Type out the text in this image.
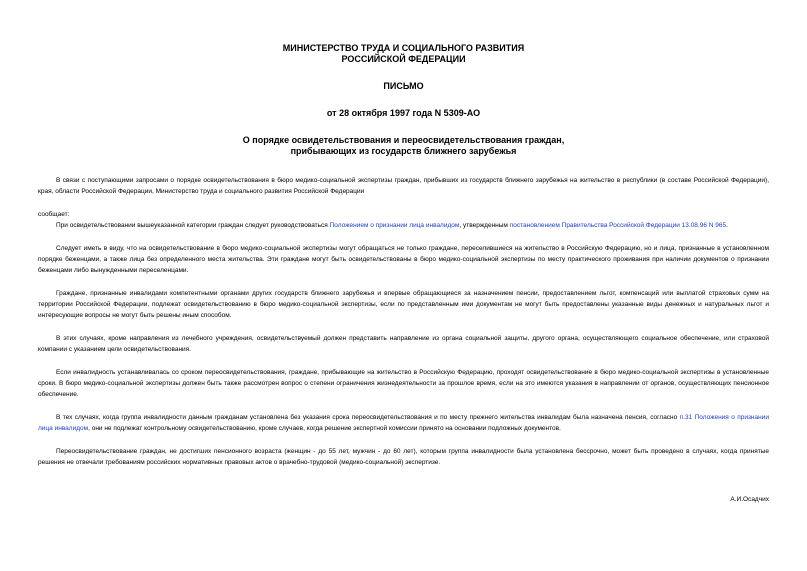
МИНИСТЕРСТВО ТРУДА И СОЦИАЛЬНОГО РАЗВИТИЯ
РОССИЙСКОЙ ФЕДЕРАЦИИ
ПИСЬМО
от 28 октября 1997 года N 5309-АО
О порядке освидетельствования и переосвидетельствования граждан,
прибывающих из государств ближнего зарубежья

В связи с поступающими запросами о порядке освидетельствования в бюро медико-социальной экспертизы граждан, прибывших из государств ближнего зарубежья на жительство в республики (в составе Российской Федерации), края, области Российской Федерации, Министерство труда и социального развития Российской Федерации

сообщает:

При освидетельствовании вышеуказанной категории граждан следует руководствоваться Положением о признании лица инвалидом, утвержденным постановлением Правительства Российской Федерации 13.08.96 N 965.

Следует иметь в виду, что на освидетельствование в бюро медико-социальной экспертизы могут обращаться не только граждане, переселившиеся на жительство в Российскую Федерацию, но и лица, признанные в установленном порядке беженцами, а также лица без определенного места жительства. Эти граждане могут быть освидетельствованы в бюро медико-социальной экспертизы по месту практического проживания при наличии документов о признании беженцами либо вынужденными переселенцами.

Граждане, признанные инвалидами компетентными органами других государств ближнего зарубежья и впервые обращающиеся за назначением пенсии, предоставлением льгот, компенсаций или выплатой страховых сумм на территории Российской Федерации, подлежат освидетельствованию в бюро медико-социальной экспертизы, если по представленным ими документам не могут быть предоставлены указанные виды денежных и натуральных льгот и интересующие вопросы не могут быть решены иным способом.

В этих случаях, кроме направления из лечебного учреждения, освидетельствуемый должен представить направление из органа социальной защиты, другого органа, осуществляющего социальное обеспечение, или страховой компании с указанием цели освидетельствования.

Если инвалидность устанавливалась со сроком переосвидетельствования, граждане, прибывающие на жительство в Российскую Федерацию, проходят освидетельствование в бюро медико-социальной экспертизы в установленные сроки. В бюро медико-социальной экспертизы должен быть также рассмотрен вопрос о степени ограничения жизнедеятельности за прошлое время, если на это имеются указания в направлении от органов, осуществляющих пенсионное обеспечение.

В тех случаях, когда группа инвалидности данным гражданам установлена без указания срока переосвидетельствования и по месту прежнего жительства инвалидам была назначена пенсия, согласно п.31 Положения о признании лица инвалидом, они не подлежат контрольному освидетельствованию, кроме случаев, когда решение экспертной комиссии принято на основании подложных документов.

Переосвидетельствование граждан, не достигших пенсионного возраста (женщин - до 55 лет, мужчин - до 60 лет), которым группа инвалидности была установлена бессрочно, может быть проведено в случаях, когда принятые решения не отвечали требованиям российских нормативных правовых актов о врачебно-трудовой (медико-социальной) экспертизе.

А.И.Осадчих
